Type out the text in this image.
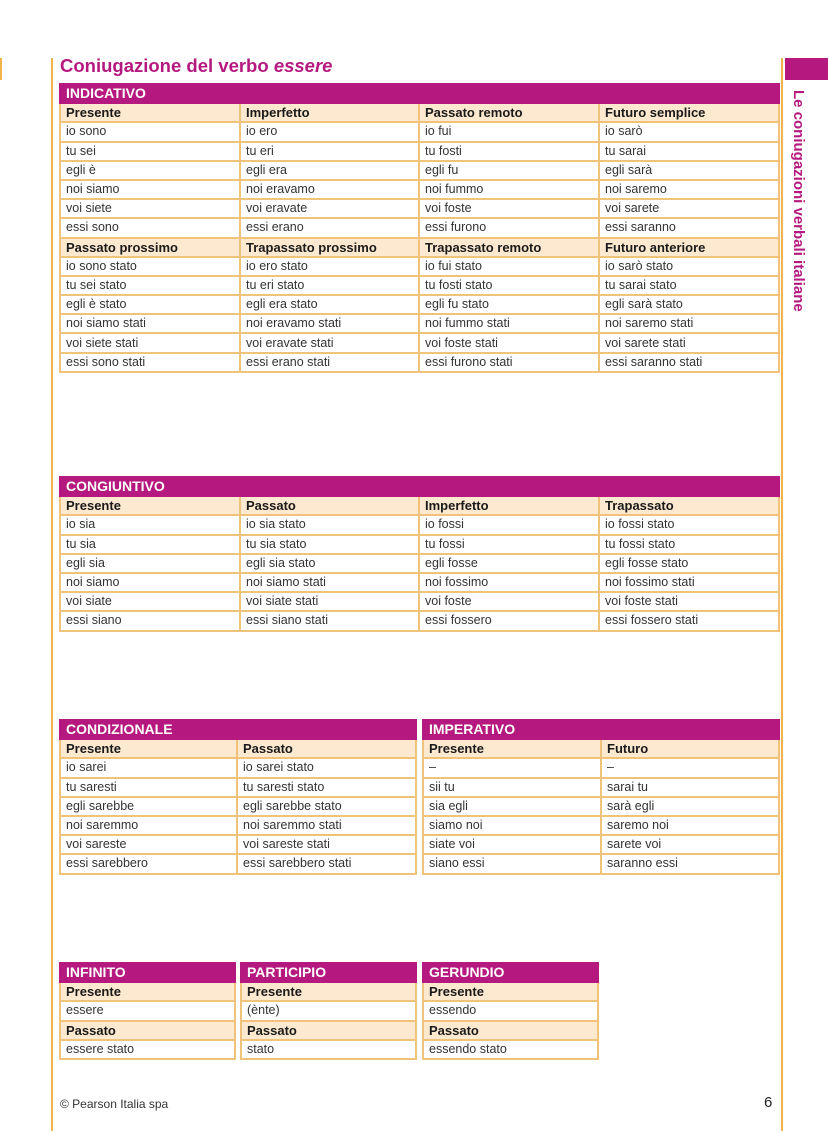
Le coniugazioni verbali italiane
Coniugazione del verbo essere
INDICATIVO			
Presente	Imperfetto	Passato remoto	Futuro semplice
io sono	io ero	io fui	io sarò
tu sei	tu eri	tu fosti	tu sarai
egli è	egli era	egli fu	egli sarà
noi siamo	noi eravamo	noi fummo	noi saremo
voi siete	voi eravate	voi foste	voi sarete
essi sono	essi erano	essi furono	essi saranno
Passato prossimo	Trapassato prossimo	Trapassato remoto	Futuro anteriore
io sono stato	io ero stato	io fui stato	io sarò stato
tu sei stato	tu eri stato	tu fosti stato	tu sarai stato
egli è stato	egli era stato	egli fu stato	egli sarà stato
noi siamo stati	noi eravamo stati	noi fummo stati	noi saremo stati
voi siete stati	voi eravate stati	voi foste stati	voi sarete stati
essi sono stati	essi erano stati	essi furono stati	essi saranno stati
CONGIUNTIVO			
Presente	Passato	Imperfetto	Trapassato
io sia	io sia stato	io fossi	io fossi stato
tu sia	tu sia stato	tu fossi	tu fossi stato
egli sia	egli sia stato	egli fosse	egli fosse stato
noi siamo	noi siamo stati	noi fossimo	noi fossimo stati
voi siate	voi siate stati	voi foste	voi foste stati
essi siano	essi siano stati	essi fossero	essi fossero stati
CONDIZIONALE	
Presente	Passato
io sarei	io sarei stato
tu saresti	tu saresti stato
egli sarebbe	egli sarebbe stato
noi saremmo	noi saremmo stati
voi sareste	voi sareste stati
essi sarebbero	essi sarebbero stati
IMPERATIVO	
Presente	Futuro
–	–
sii tu	sarai tu
sia egli	sarà egli
siamo noi	saremo noi
siate voi	sarete voi
siano essi	saranno essi
INFINITO
Presente
essere
Passato
essere stato
PARTICIPIO
Presente
(ènte)
Passato
stato
GERUNDIO
Presente
essendo
Passato
essendo stato
© Pearson Italia spa	6
